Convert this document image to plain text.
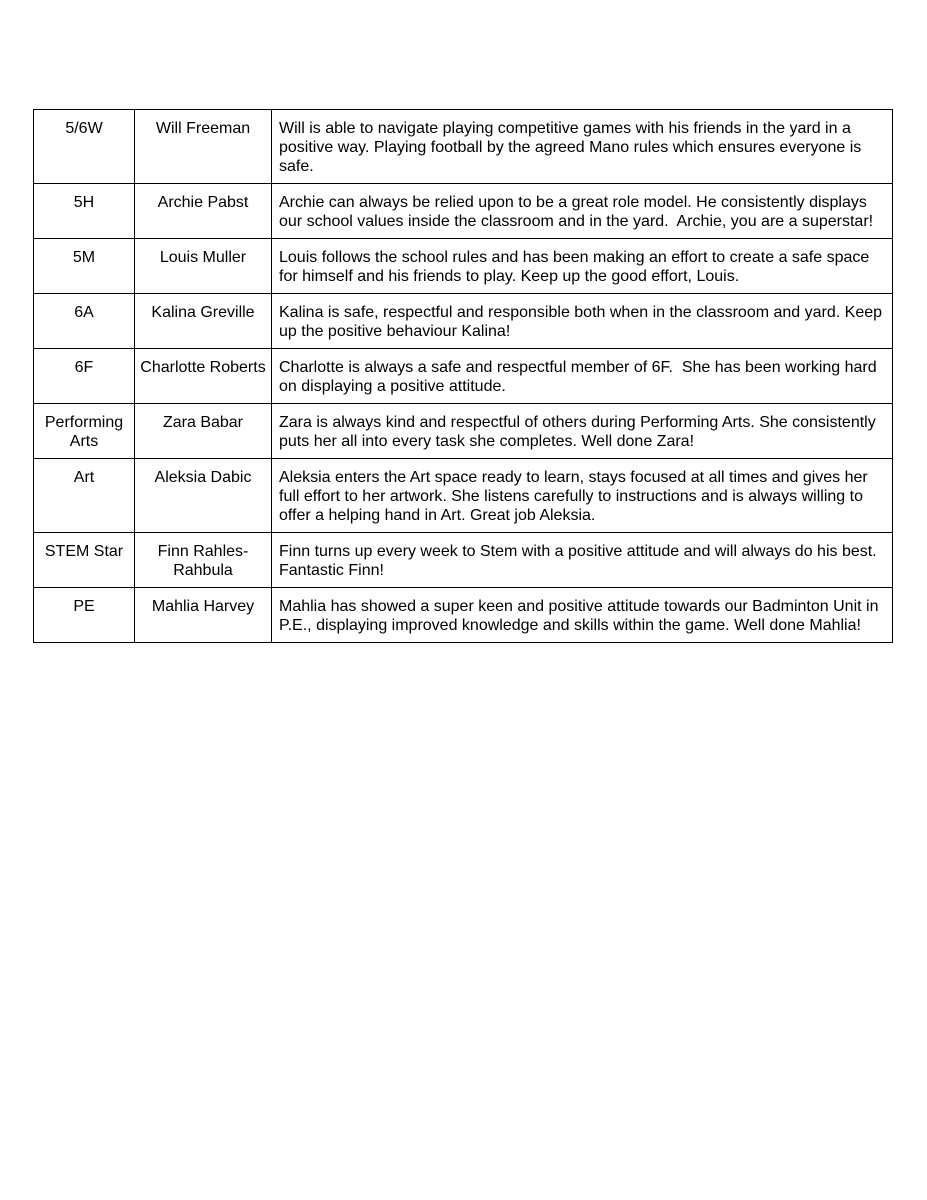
5/6W	Will Freeman	Will is able to navigate playing competitive games with his friends in the yard in a positive way. Playing football by the agreed Mano rules which ensures everyone is safe.
5H	Archie Pabst	Archie can always be relied upon to be a great role model. He consistently displays our school values inside the classroom and in the yard.  Archie, you are a superstar!
5M	Louis Muller	Louis follows the school rules and has been making an effort to create a safe space for himself and his friends to play. Keep up the good effort, Louis.
6A	Kalina Greville	Kalina is safe, respectful and responsible both when in the classroom and yard. Keep up the positive behaviour Kalina!
6F	Charlotte Roberts	Charlotte is always a safe and respectful member of 6F.  She has been working hard on displaying a positive attitude.
Performing Arts	Zara Babar	Zara is always kind and respectful of others during Performing Arts. She consistently puts her all into every task she completes. Well done Zara!
Art	Aleksia Dabic	Aleksia enters the Art space ready to learn, stays focused at all times and gives her full effort to her artwork. She listens carefully to instructions and is always willing to offer a helping hand in Art. Great job Aleksia.
STEM Star	Finn Rahles-Rahbula	Finn turns up every week to Stem with a positive attitude and will always do his best. Fantastic Finn!
PE	Mahlia Harvey	Mahlia has showed a super keen and positive attitude towards our Badminton Unit in P.E., displaying improved knowledge and skills within the game. Well done Mahlia!
